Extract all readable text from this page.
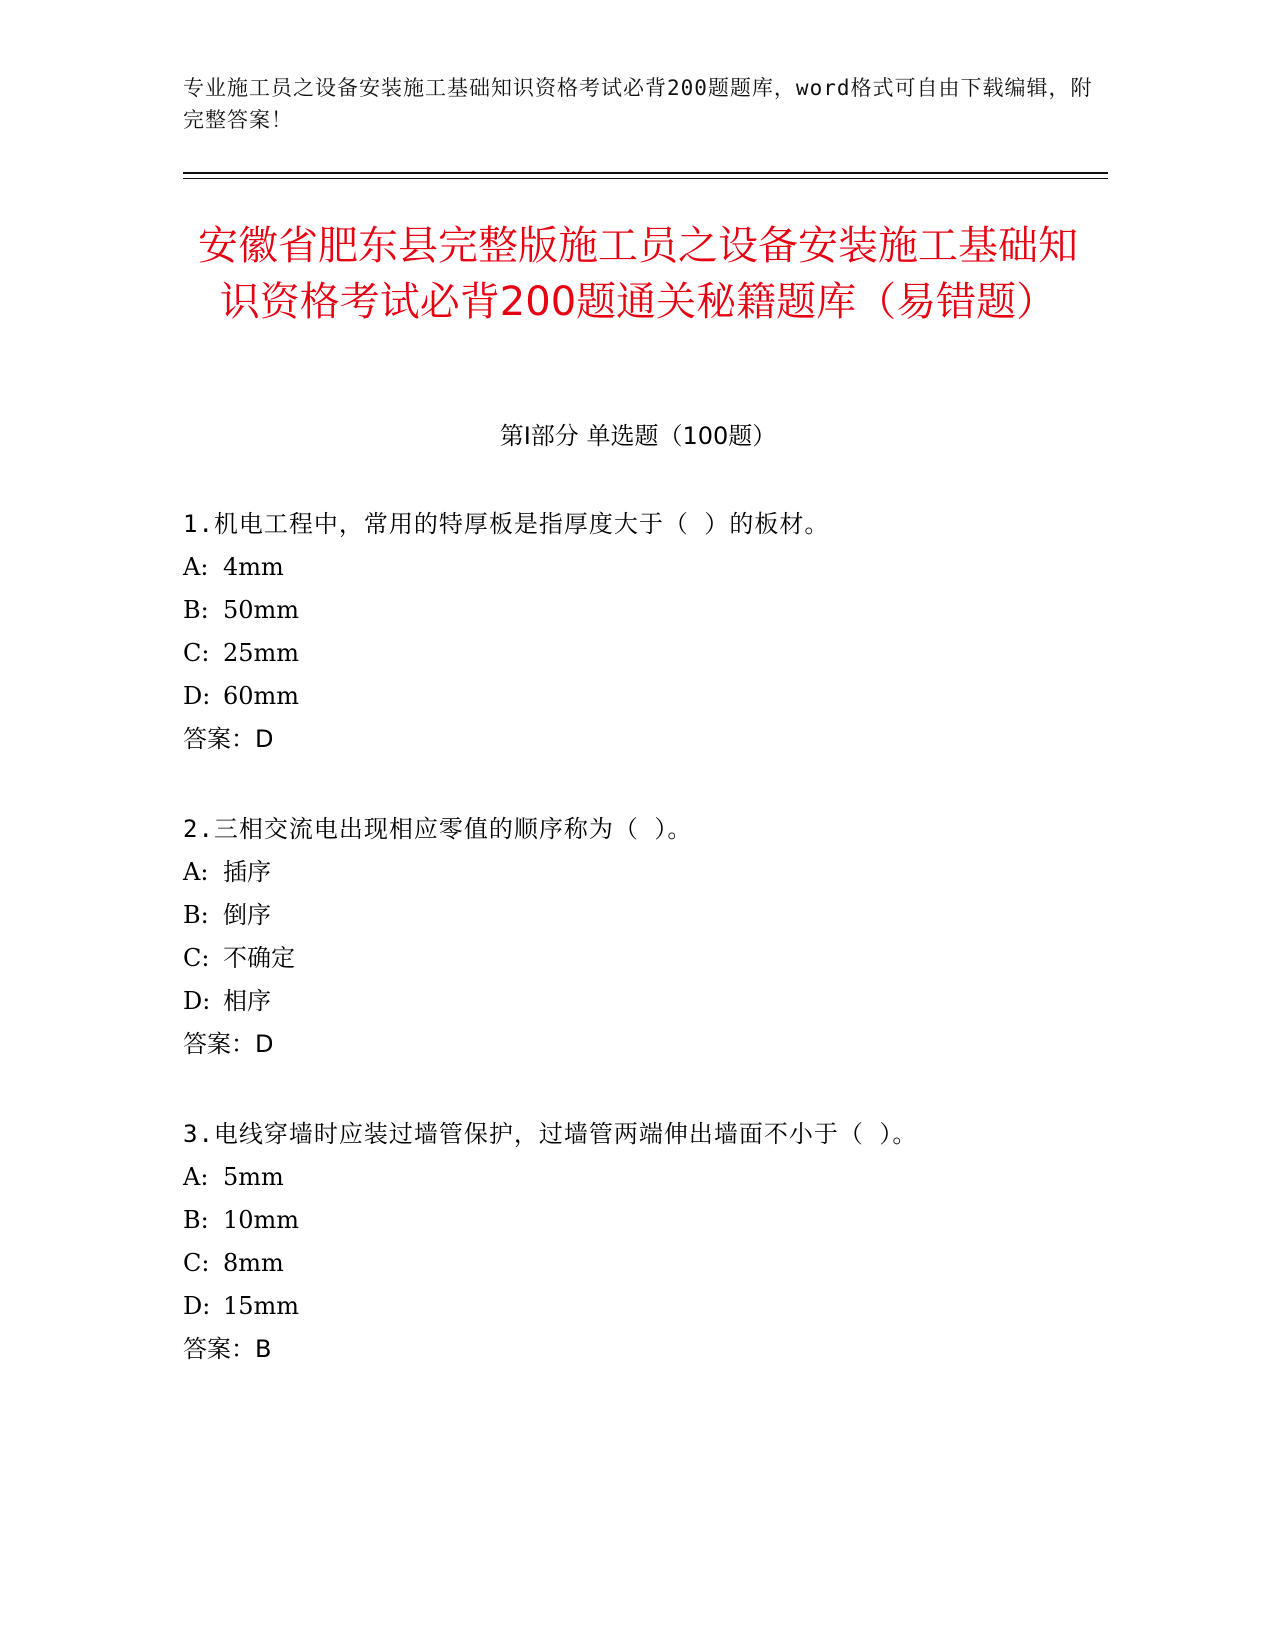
专业施工员之设备安装施工基础知识资格考试必背200题题库，word格式可自由下载编辑，附完整答案！
安徽省肥东县完整版施工员之设备安装施工基础知识资格考试必背200题通关秘籍题库（易错题）
第I部分 单选题（100题）
1.机电工程中，常用的特厚板是指厚度大于（ ）的板材。
A: 4mm
B: 50mm
C: 25mm
D: 60mm
答案：D
2.三相交流电出现相应零值的顺序称为（ ）。
A: 插序
B: 倒序
C: 不确定
D: 相序
答案：D
3.电线穿墙时应装过墙管保护，过墙管两端伸出墙面不小于（ ）。
A: 5mm
B: 10mm
C: 8mm
D: 15mm
答案：B
